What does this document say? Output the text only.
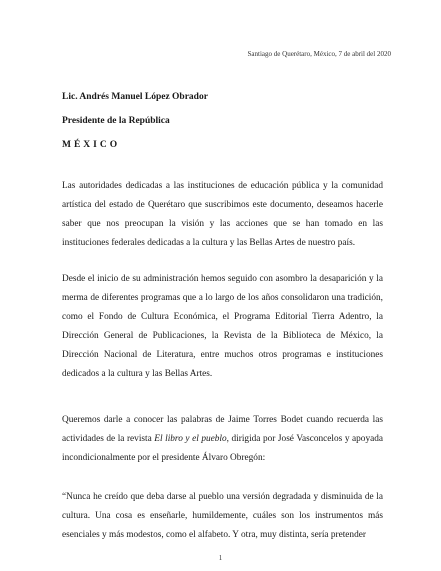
Santiago de Querétaro, México, 7 de abril del 2020
Lic. Andrés Manuel López Obrador
Presidente de la República
MÉXICO

Las autoridades dedicadas a las instituciones de educación pública y la comunidad artística del estado de Querétaro que suscribimos este documento, deseamos hacerle saber que nos preocupan la visión y las acciones que se han tomado en las instituciones federales dedicadas a la cultura y las Bellas Artes de nuestro país.

Desde el inicio de su administración hemos seguido con asombro la desaparición y la merma de diferentes programas que a lo largo de los años consolidaron una tradición, como el Fondo de Cultura Económica, el Programa Editorial Tierra Adentro, la Dirección General de Publicaciones, la Revista de la Biblioteca de México, la Dirección Nacional de Literatura, entre muchos otros programas e instituciones dedicados a la cultura y las Bellas Artes.

Queremos darle a conocer las palabras de Jaime Torres Bodet cuando recuerda las actividades de la revista El libro y el pueblo, dirigida por José Vasconcelos y apoyada incondicionalmente por el presidente Álvaro Obregón:

“Nunca he creído que deba darse al pueblo una versión degradada y disminuida de la cultura. Una cosa es enseñarle, humildemente, cuáles son los instrumentos más esenciales y más modestos, como el alfabeto. Y otra, muy distinta, sería pretender

1
